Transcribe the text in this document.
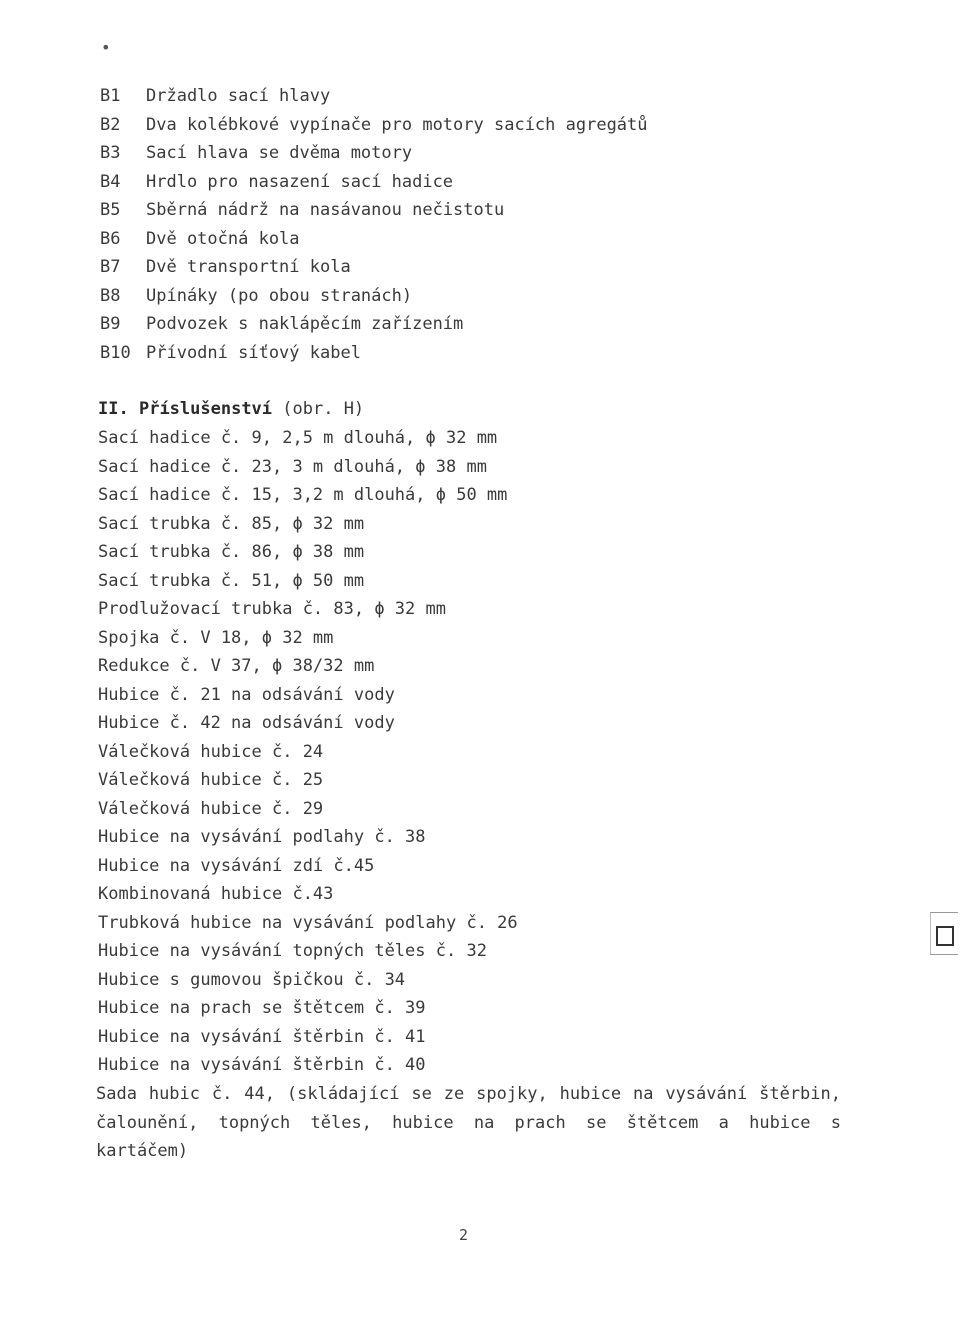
•
B1 Držadlo sací hlavy
B2 Dva kolébkové vypínače pro motory sacích agregátů
B3 Sací hlava se dvěma motory
B4 Hrdlo pro nasazení sací hadice
B5 Sběrná nádrž na nasávanou nečistotu
B6 Dvě otočná kola
B7 Dvě transportní kola
B8 Upínáky (po obou stranách)
B9 Podvozek s naklápěcím zařízením
B10 Přívodní síťový kabel
II. Příslušenství (obr. H)
Sací hadice č. 9, 2,5 m dlouhá, ϕ 32 mm
Sací hadice č. 23, 3 m dlouhá, ϕ 38 mm
Sací hadice č. 15, 3,2 m dlouhá, ϕ 50 mm
Sací trubka č. 85, ϕ 32 mm
Sací trubka č. 86, ϕ 38 mm
Sací trubka č. 51, ϕ 50 mm
Prodlužovací trubka č. 83, ϕ 32 mm
Spojka č. V 18, ϕ 32 mm
Redukce č. V 37, ϕ 38/32 mm
Hubice č. 21 na odsávání vody
Hubice č. 42 na odsávání vody
Válečková hubice č. 24
Válečková hubice č. 25
Válečková hubice č. 29
Hubice na vysávání podlahy č. 38
Hubice na vysávání zdí č.45
Kombinovaná hubice č.43
Trubková hubice na vysávání podlahy č. 26
Hubice na vysávání topných těles č. 32
Hubice s gumovou špičkou č. 34
Hubice na prach se štětcem č. 39
Hubice na vysávání štěrbin č. 41
Hubice na vysávání štěrbin č. 40

Sada hubic č. 44, (skládající se ze spojky, hubice na vysávání štěrbin, čalounění, topných těles, hubice na prach se štětcem a hubice s kartáčem)

2
